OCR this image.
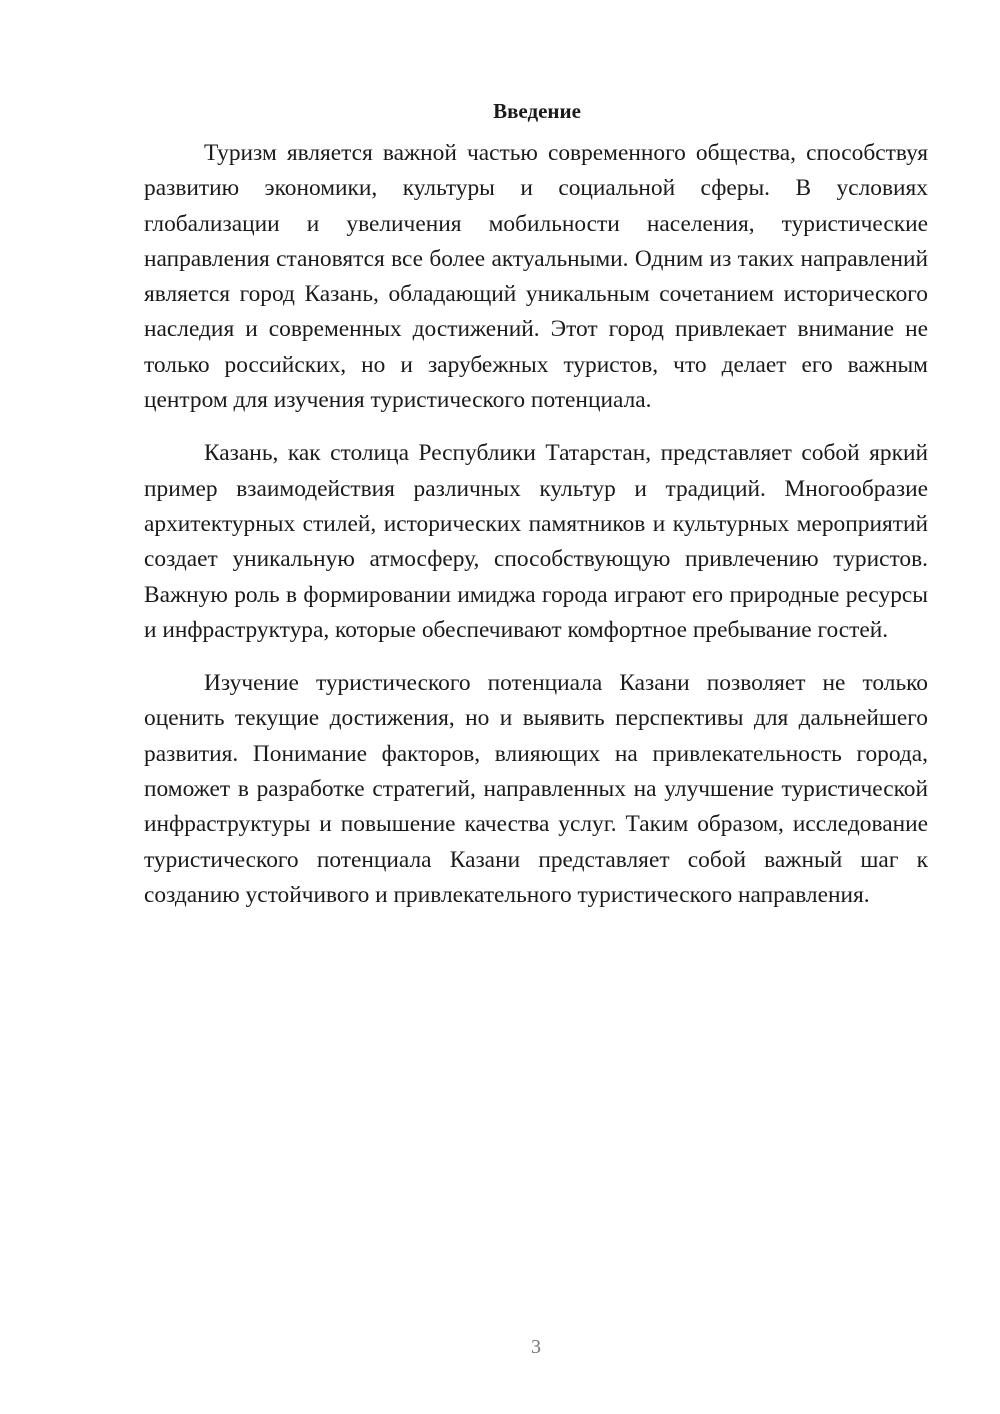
Введение

Туризм является важной частью современного общества, способствуя развитию экономики, культуры и социальной сферы. В условиях глобализации и увеличения мобильности населения, туристические направления становятся все более актуальными. Одним из таких направлений является город Казань, обладающий уникальным сочетанием исторического наследия и современных достижений. Этот город привлекает внимание не только российских, но и зарубежных туристов, что делает его важным центром для изучения туристического потенциала.

Казань, как столица Республики Татарстан, представляет собой яркий пример взаимодействия различных культур и традиций. Многообразие архитектурных стилей, исторических памятников и культурных мероприятий создает уникальную атмосферу, способствующую привлечению туристов. Важную роль в формировании имиджа города играют его природные ресурсы и инфраструктура, которые обеспечивают комфортное пребывание гостей.

Изучение туристического потенциала Казани позволяет не только оценить текущие достижения, но и выявить перспективы для дальнейшего развития. Понимание факторов, влияющих на привлекательность города, поможет в разработке стратегий, направленных на улучшение туристической инфраструктуры и повышение качества услуг. Таким образом, исследование туристического потенциала Казани представляет собой важный шаг к созданию устойчивого и привлекательного туристического направления.

3
